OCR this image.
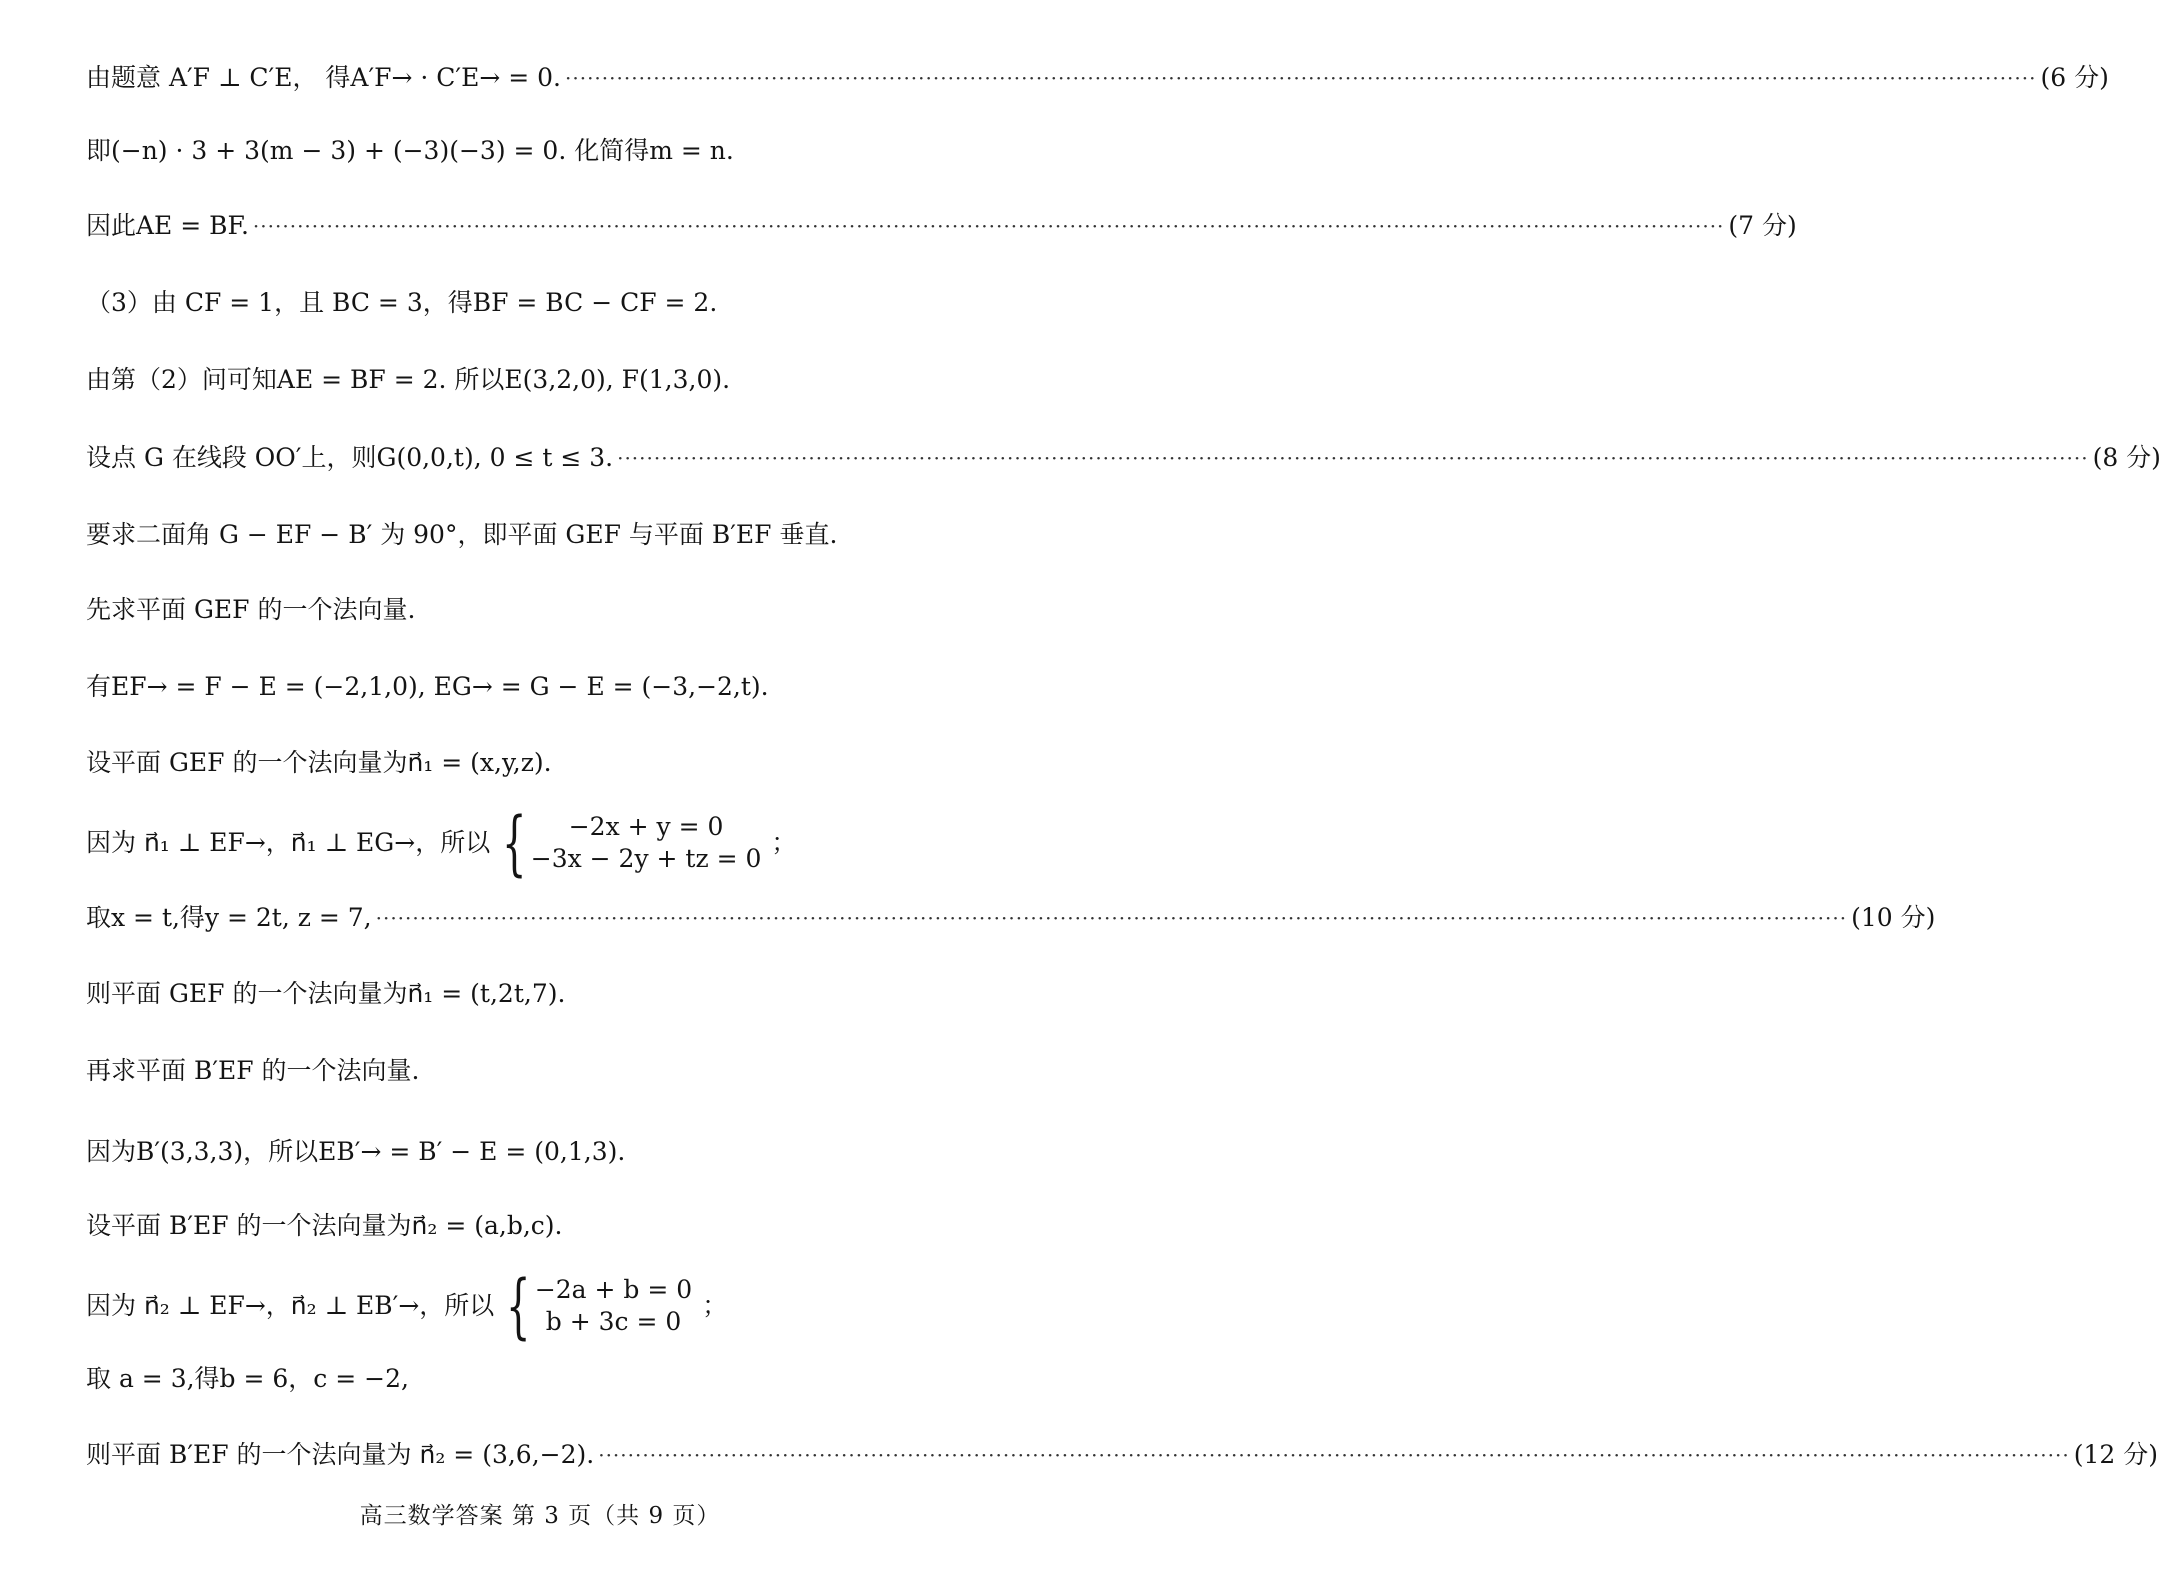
由题意 A′F ⊥ C′E， 得A′F→ · C′E→ = 0. ········································································································································································································ (6 分)
即(−n) · 3 + 3(m − 3) + (−3)(−3) = 0. 化简得m = n.
因此AE = BF. ········································································································································································································ (7 分)
（3）由 CF = 1，且 BC = 3，得BF = BC − CF = 2.
由第（2）问可知AE = BF = 2. 所以E(3,2,0), F(1,3,0).
设点 G 在线段 OO′上，则G(0,0,t), 0 ≤ t ≤ 3. ········································································································································································································ (8 分)
要求二面角 G − EF − B′ 为 90°，即平面 GEF 与平面 B′EF 垂直.
先求平面 GEF 的一个法向量.
有EF→ = F − E = (−2,1,0), EG→ = G − E = (−3,−2,t).
设平面 GEF 的一个法向量为n⃗₁ = (x,y,z).
因为 n⃗₁ ⊥ EF→，n⃗₁ ⊥ EG→，所以 {	−2x + y = 0
−3x − 2y + tz = 0
；
取x = t,得y = 2t, z = 7, ········································································································································································································ (10 分)
则平面 GEF 的一个法向量为n⃗₁ = (t,2t,7).
再求平面 B′EF 的一个法向量.
因为B′(3,3,3)，所以EB′→ = B′ − E = (0,1,3).
设平面 B′EF 的一个法向量为n⃗₂ = (a,b,c).
因为 n⃗₂ ⊥ EF→，n⃗₂ ⊥ EB′→，所以 { −2a + b = 0
b + 3c = 0
；
取 a = 3,得b = 6，c = −2,
则平面 B′EF 的一个法向量为 n⃗₂ = (3,6,−2). ········································································································································································································ (12 分)
高三数学答案 第 3 页（共 9 页）
